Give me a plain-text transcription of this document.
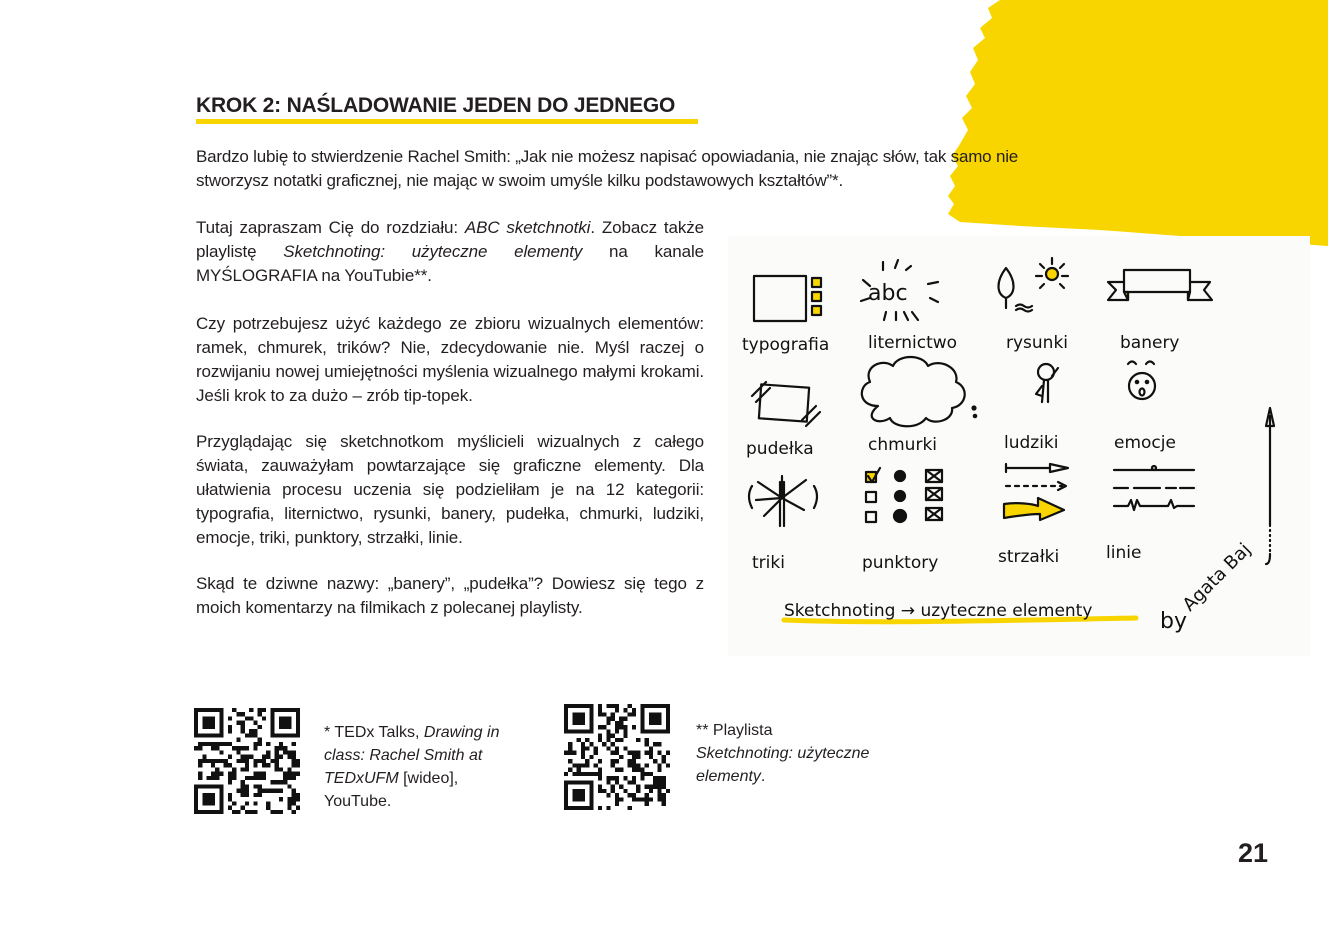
KROK 2: NAŚLADOWANIE JEDEN DO JEDNEGO
Bardzo lubię to stwierdzenie Rachel Smith: „Jak nie możesz napisać opowiadania, nie znając słów, tak samo nie
stworzysz notatki graficznej, nie mając w swoim umyśle kilku podstawowych kształtów”*.
Tutaj zapraszam Cię do rozdziału: ABC sketchnotki. Zobacz także playlistę Sketchnoting: użyteczne elementy na kanale MYŚLOGRAFIA na YouTubie**.
Czy potrzebujesz użyć każdego ze zbioru wizualnych elementów: ramek, chmurek, trików? Nie, zdecydowanie nie. Myśl raczej o rozwijaniu nowej umiejętności myślenia wizualnego małymi krokami. Jeśli krok to za dużo – zrób tip-topek.
Przyglądając się sketchnotkom myślicieli wizualnych z całego świata, zauważyłam powtarzające się graficzne elementy. Dla ułatwienia procesu uczenia się podzieliłam je na 12 kategorii: typografia, liternictwo, rysunki, banery, pudełka, chmurki, ludziki, emocje, triki, punktory, strzałki, linie.
Skąd te dziwne nazwy: „banery”, „pudełka”? Dowiesz się tego z moich komentarzy na filmikach z polecanej playlisty.
typografia liternictwo	rysunki	banery
pudełka	chmurki	ludziki	emocje
triki	punktory	strzałki	linie
abc
Sketchnoting → uzyteczne elementy	by
Agata Baj
* TEDx Talks, Drawing in class: Rachel Smith at TEDxUFM [wideo], YouTube.
** Playlista
Sketchnoting: użyteczne elementy.
21
